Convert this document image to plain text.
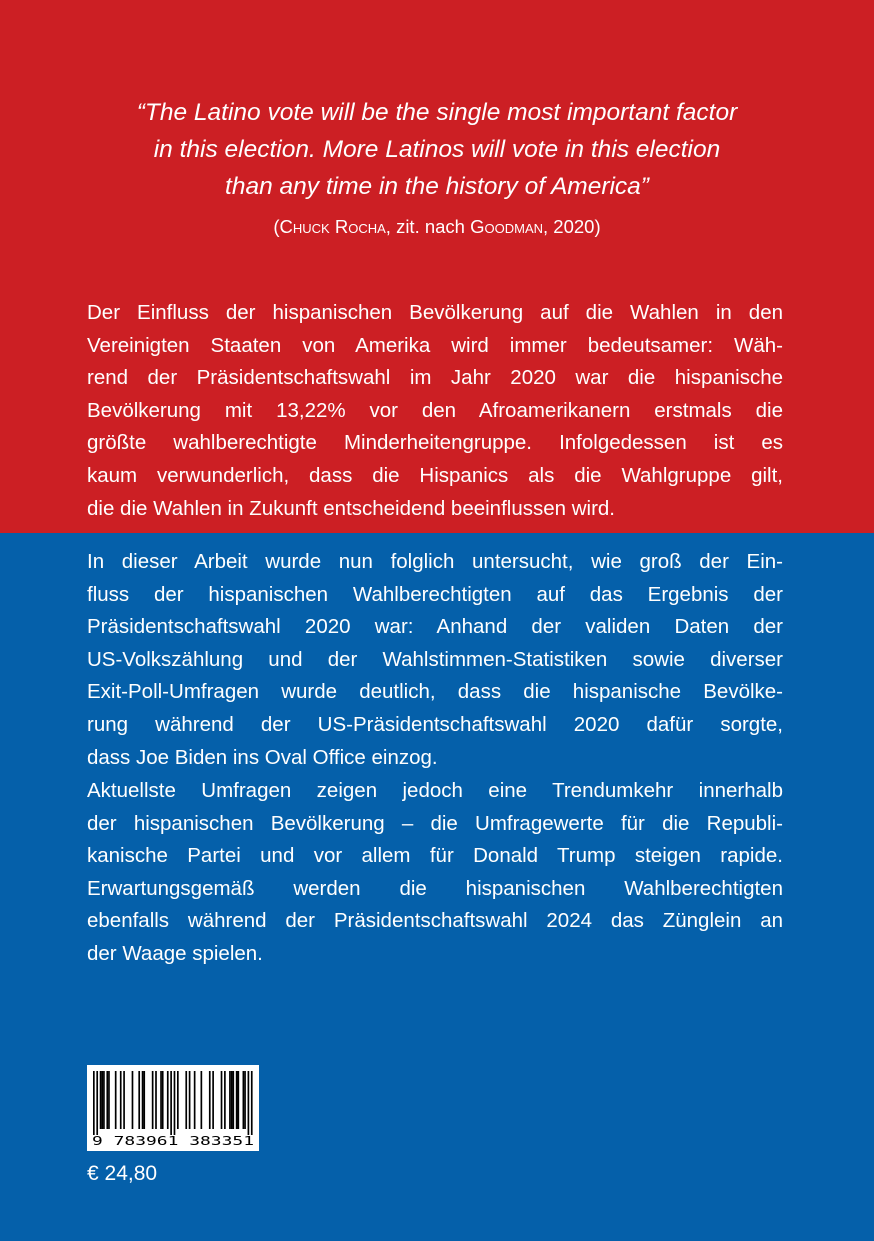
“The Latino vote will be the single most important factor
in this election. More Latinos will vote in this election
than any time in the history of America”
(Chuck Rocha, zit. nach Goodman, 2020)
Der Einfluss der hispanischen Bevölkerung auf die Wahlen in den
Vereinigten Staaten von Amerika wird immer bedeutsamer: Wäh-
rend der Präsidentschaftswahl im Jahr 2020 war die hispanische
Bevölkerung mit 13,22% vor den Afroamerikanern erstmals die
größte wahlberechtigte Minderheitengruppe. Infolgedessen ist es
kaum verwunderlich, dass die Hispanics als die Wahlgruppe gilt,
die die Wahlen in Zukunft entscheidend beeinflussen wird.
In dieser Arbeit wurde nun folglich untersucht, wie groß der Ein-
fluss der hispanischen Wahlberechtigten auf das Ergebnis der
Präsidentschaftswahl 2020 war: Anhand der validen Daten der
US-Volkszählung und der Wahlstimmen-Statistiken sowie diverser
Exit-Poll-Umfragen wurde deutlich, dass die hispanische Bevölke-
rung während der US-Präsidentschaftswahl 2020 dafür sorgte,
dass Joe Biden ins Oval Office einzog.
Aktuellste Umfragen zeigen jedoch eine Trendumkehr innerhalb
der hispanischen Bevölkerung – die Umfragewerte für die Republi-
kanische Partei und vor allem für Donald Trump steigen rapide.
Erwartungsgemäß werden die hispanischen Wahlberechtigten
ebenfalls während der Präsidentschaftswahl 2024 das Zünglein an
der Waage spielen.
9 783961 383351
€ 24,80
